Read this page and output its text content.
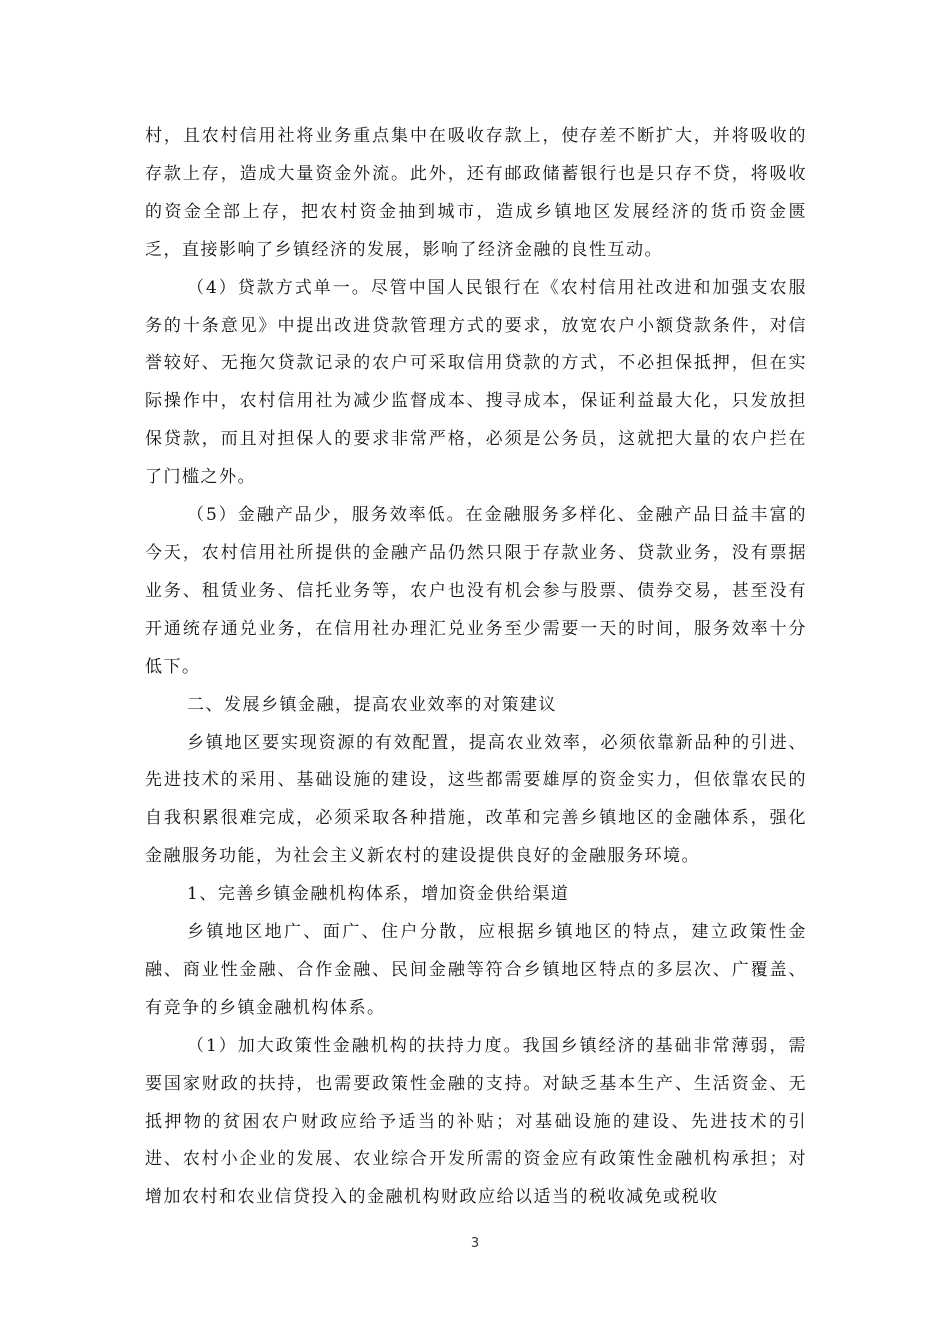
村，且农村信用社将业务重点集中在吸收存款上，使存差不断扩大，并将吸收的存款上存，造成大量资金外流。此外，还有邮政储蓄银行也是只存不贷，将吸收的资金全部上存，把农村资金抽到城市，造成乡镇地区发展经济的货币资金匮乏，直接影响了乡镇经济的发展，影响了经济金融的良性互动。

（4）贷款方式单一。尽管中国人民银行在《农村信用社改进和加强支农服务的十条意见》中提出改进贷款管理方式的要求，放宽农户小额贷款条件，对信誉较好、无拖欠贷款记录的农户可采取信用贷款的方式，不必担保抵押，但在实际操作中，农村信用社为减少监督成本、搜寻成本，保证利益最大化，只发放担保贷款，而且对担保人的要求非常严格，必须是公务员，这就把大量的农户拦在了门槛之外。

（5）金融产品少，服务效率低。在金融服务多样化、金融产品日益丰富的今天，农村信用社所提供的金融产品仍然只限于存款业务、贷款业务，没有票据业务、租赁业务、信托业务等，农户也没有机会参与股票、债券交易，甚至没有开通统存通兑业务，在信用社办理汇兑业务至少需要一天的时间，服务效率十分低下。

二、发展乡镇金融，提高农业效率的对策建议

乡镇地区要实现资源的有效配置，提高农业效率，必须依靠新品种的引进、先进技术的采用、基础设施的建设，这些都需要雄厚的资金实力，但依靠农民的自我积累很难完成，必须采取各种措施，改革和完善乡镇地区的金融体系，强化金融服务功能，为社会主义新农村的建设提供良好的金融服务环境。

1、完善乡镇金融机构体系，增加资金供给渠道

乡镇地区地广、面广、住户分散，应根据乡镇地区的特点，建立政策性金融、商业性金融、合作金融、民间金融等符合乡镇地区特点的多层次、广覆盖、有竞争的乡镇金融机构体系。

（1）加大政策性金融机构的扶持力度。我国乡镇经济的基础非常薄弱，需要国家财政的扶持，也需要政策性金融的支持。对缺乏基本生产、生活资金、无抵押物的贫困农户财政应给予适当的补贴；对基础设施的建设、先进技术的引进、农村小企业的发展、农业综合开发所需的资金应有政策性金融机构承担；对增加农村和农业信贷投入的金融机构财政应给以适当的税收减免或税收

3
